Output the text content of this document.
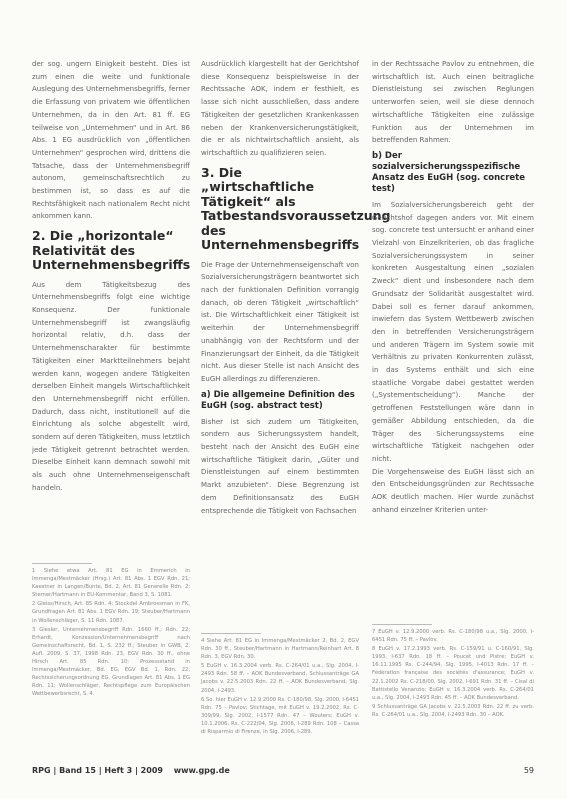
der sog. ungern Einigkeit besteht. Dies ist zum einen die weite und funktionale Auslegung des Unternehmensbegriffs, ferner die Erfassung von privatem wie öffentlichen Unternehmen, da in den Art. 81 ff. EG teilweise von „Unternehmen“ und in Art. 86 Abs. 1 EG ausdrücklich von „öffentlichen Unternehmen“ gesprochen wird, drittens die Tatsache, dass der Unternehmensbegriff autonom, gemeinschaftsrechtlich zu bestimmen ist, so dass es auf die Rechtsfähigkeit nach nationalem Recht nicht ankommen kann.

2. Die „horizontale“ Relativität des Unternehmensbegriffs

Aus dem Tätigkeitsbezug des Unternehmensbegriffs folgt eine wichtige Konsequenz. Der funktionale Unternehmensbegriff ist zwangsläufig horizontal relativ, d.h. dass der Unternehmenscharakter für bestimmte Tätigkeiten einer Marktteilnehmers bejaht werden kann, wogegen andere Tätigkeiten derselben Einheit mangels Wirtschaftlichkeit den Unternehmensbegriff nicht erfüllen. Dadurch, dass nicht, institutionell auf die Einrichtung als solche abgestellt wird, sondern auf deren Tätigkeiten, muss letztlich jede Tätigkeit getrennt betrachtet werden. Dieselbe Einheit kann demnach sowohl mit als auch ohne Unternehmenseigenschaft handeln.

Ausdrücklich klargestellt hat der Gerichtshof diese Konsequenz beispielsweise in der Rechtssache AOK, indem er festhielt, es lasse sich nicht ausschließen, dass andere Tätigkeiten der gesetzlichen Krankenkassen neben der Krankenversicherungstätigkeit, die er als nichtwirtschaftlich ansieht, als wirtschaftlich zu qualifizieren seien.

3. Die „wirtschaftliche Tätigkeit“ als Tatbestandsvoraussetzung des Unternehmensbegriffs

Die Frage der Unternehmenseigenschaft von Sozialversicherungsträgern beantwortet sich nach der funktionalen Definition vorrangig danach, ob deren Tätigkeit „wirtschaftlich“ ist. Die Wirtschaftlichkeit einer Tätigkeit ist weiterhin der Unternehmensbegriff unabhängig von der Rechtsform und der Finanzierungsart der Einheit, da die Tätigkeit nicht. Aus dieser Stelle ist nach Ansicht des EuGH allerdings zu differenzieren.

a) Die allgemeine Definition des EuGH (sog. abstract test)

Bisher ist sich zudem um Tätigkeiten, sondern aus Sicherungssystem handelt, besteht nach der Ansicht des EuGH eine wirtschaftliche Tätigkeit darin, „Güter und Dienstleistungen auf einem bestimmten Markt anzubieten“. Diese Begrenzung ist dem Definitionsansatz des EuGH entsprechende die Tätigkeit von Fachsachen

in der Rechtssache Pavlov zu entnehmen, die wirtschaftlich ist. Auch einen beitragliche Dienstleistung sei zwischen Reglungen unterworfen seien, weil sie diese dennoch wirtschaftliche Tätigkeiten eine zulässige Funktion aus der Unternehmen im betreffenden Rahmen.

b) Der sozialversicherungsspezifische Ansatz des EuGH (sog. concrete test)

Im Sozialversicherungsbereich geht der Gerichtshof dagegen anders vor. Mit einem sog. concrete test untersucht er anhand einer Vielzahl von Einzelkriterien, ob das fragliche Sozialversicherungssystem in seiner konkreten Ausgestaltung einen „sozialen Zweck“ dient und insbesondere nach dem Grundsatz der Solidarität ausgestaltet wird. Dabei soll es ferner darauf ankommen, inwiefern das System Wettbewerb zwischen den in betreffenden Versicherungsträgern und anderen Trägern im System sowie mit Verhältnis zu privaten Konkurrenten zulässt, in das Systems enthält und sich eine staatliche Vorgabe dabei gestattet werden („Systementscheidung“). Manche der getroffenen Feststellungen wäre dann in gemäßer Abbildung entschieden, da die Träger des Sicherungssystems eine wirtschaftliche Tätigkeit nachgehen oder nicht.

Die Vorgehensweise des EuGH lässt sich an den Entscheidungsgründen zur Rechtssache AOK deutlich machen. Hier wurde zunächst anhand einzelner Kriterien unter-

1 Siehe etwa Art. 81 EG in Emmerich in Immenga/Mestmäcker (Hrsg.) Art. 81 Abs. 1 EGV Rdn. 21; Kaestner in Langen/Bunte, Bd. 2, Art. 81 Generelle Rdn. 2; Sterner/Hartmann in EU-Kommentar, Band 3, S. 1081.

2 Gleiss/Hirsch, Art. 85 Rdn. 4; Stockdel Ambrossman in FK, Grundfragen Art. 81 Abs. 1 EGV Rdn. 19; Steuber/Hartmann in Wollenschläger, S. 11 Rdn. 1087.

3 Giesler, Unternehmensbegriff Rdn. 1660 ff.; Rdn. 22; Erhardt, Konzession/Unternehmensbegriff nach Gemeinschaftsrecht, Bd. 1, S. 232 ff.; Steuber in GWB, 2. Aufl. 2009, S. 37, 1998 Rdn. 23, EGV Rdn. 30 ff., ohne Hirsch Art. 85 Rdn. 10; Prozessstand in Immenga/Mestmäcker, Bd. EG, EGV Bd. 1, Rdn. 22, Rechtssicherungsordnung EG, Grundlagen Art. 81 Abs. 1 EG Rdn. 11; Wollenschläger, Rechtspflege zum Europäischen Wettbewerbsrecht, S. 4.

4 Siehe Art. 81 EG in Immenga/Mestmäcker 2, Bd. 2, EGV Rdn. 30 ff., Steuber/Hartmann in Hartmann/Reinhart Art. 8 Rdn. 3, EGV Rdn. 30.

5 EuGH v. 16.3.2004 verb. Rs. C-264/01 u.a., Slg. 2004, I-2493 Rdn. 58 ff. – AOK Bundesverband, Schlussanträge GA Jacobs v. 22.5.2003 Rdn. 22 ff. – AOK Bundesverband, Slg. 2004, I-2493.

6 So. hier EuGH v. 12.9.2000 Rs. C-180/98, Slg. 2000, I-6451 Rdn. 75 – Pavlov; Stichtage, mit EuGH v. 19.2.2002, Rs. C-309/99, Slg. 2002, I-1577 Rdn. 47 – Wouters; EuGH v. 10.1.2006, Rs. C-222/04, Slg. 2006, I-289 Rdn. 108 – Cassa di Risparmio di Firenze, in Slg. 2006, I-289.

7 EuGH v. 12.9.2000 verb. Rs. C-180/98 u.a., Slg. 2000, I-6451 Rdn. 75 ff. – Pavlov.

8 EuGH v. 17.2.1993 verb. Rs. C-159/91 u. C-160/91, Slg. 1993, I-637 Rdn. 18 ff. – Poucet und Pistre; EuGH v. 16.11.1995 Rs. C-244/94, Slg. 1995, I-4013 Rdn. 17 ff. – Fédération française des sociétés d'assurance; EuGH v. 22.1.2002 Rs. C-218/00, Slg. 2002, I-691 Rdn. 31 ff. – Cisal di Battistello Venanzio; EuGH v. 16.3.2004 verb. Rs. C-264/01 u.a., Slg. 2004, I-2493 Rdn. 45 ff. – AOK Bundesverband.

9 Schlussanträge GA Jacobs v. 22.5.2003 Rdn. 22 ff. zu verb. Rs. C-264/01 u.a., Slg. 2004, I-2493 Rdn. 30 – AOK.

RPG | Band 15 | Heft 3 | 2009 www.gpg.de	59
